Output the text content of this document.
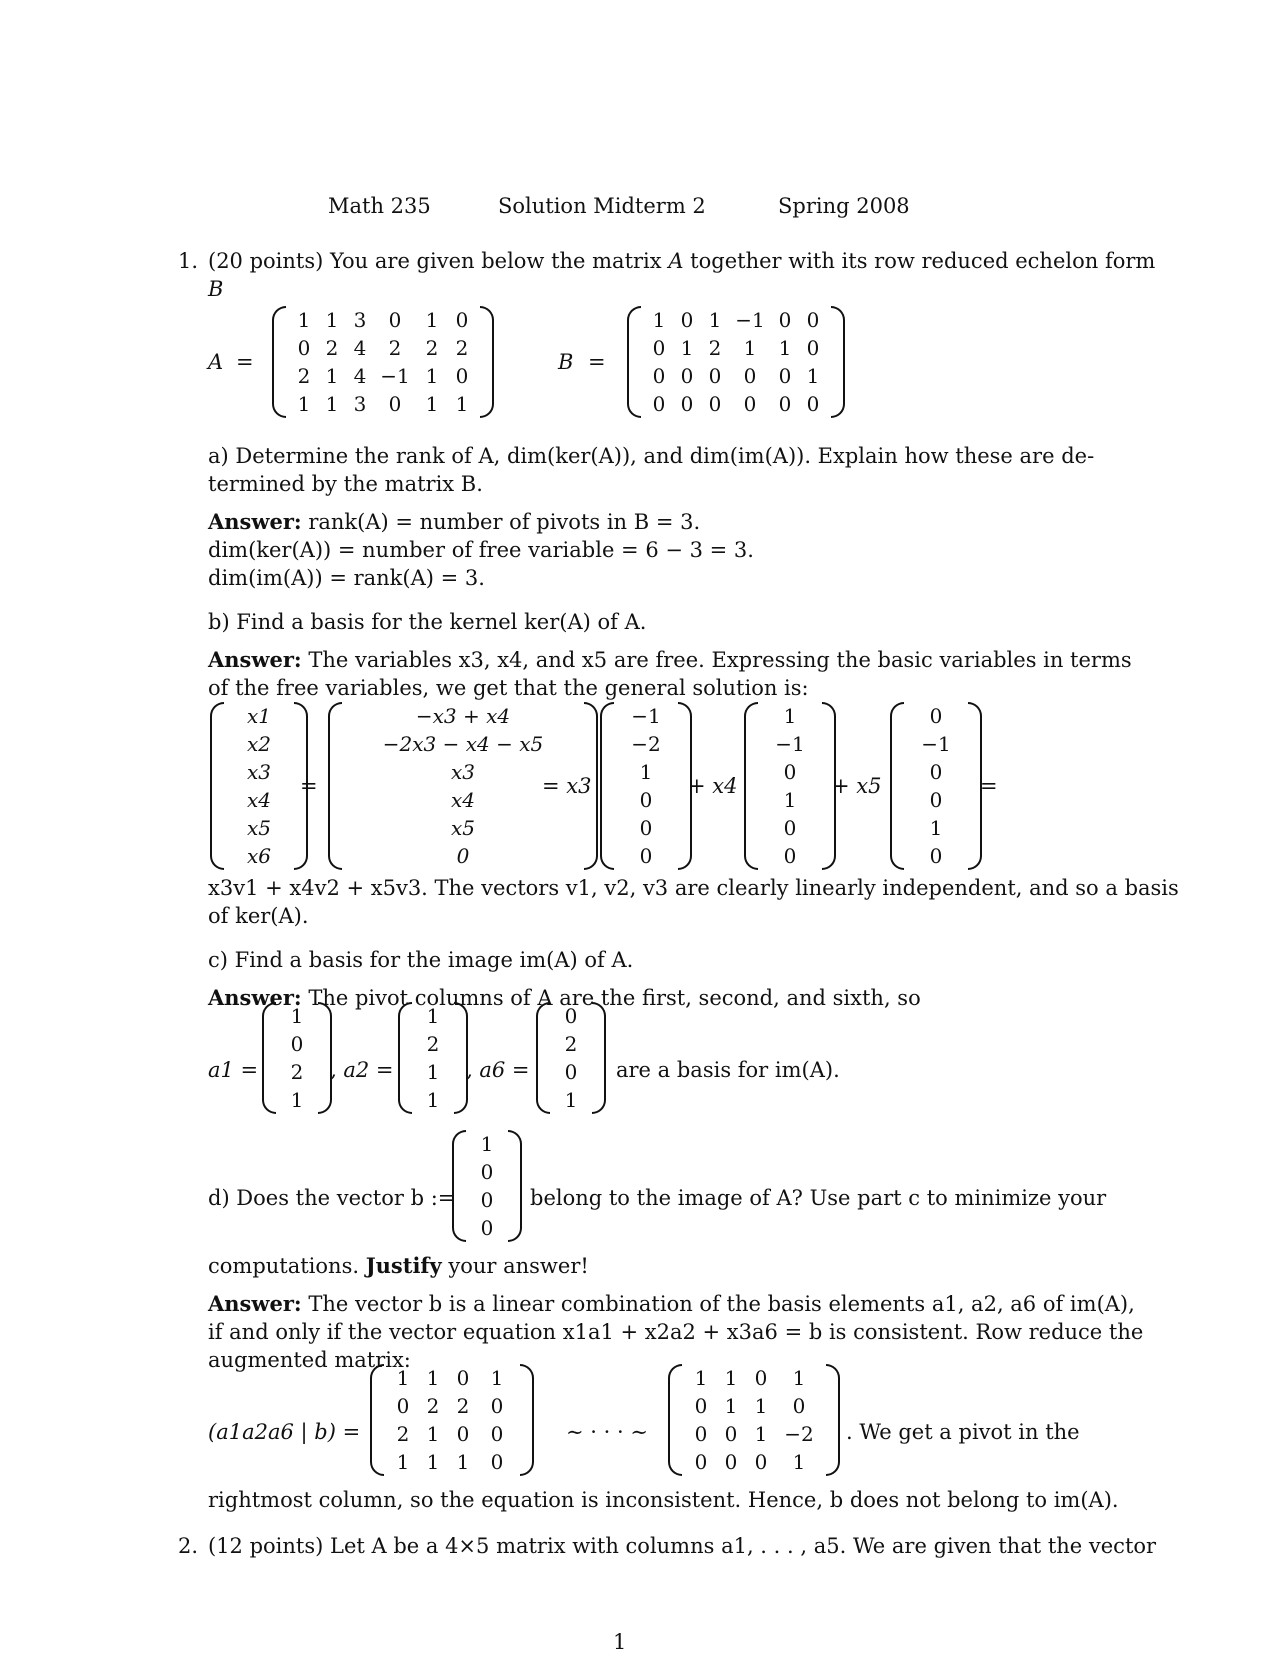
Math 235	Solution Midterm 2	Spring 2008
1. (20 points) You are given below the matrix A together with its row reduced echelon form
B
A =
1 1 3	0	1 0
0 2 4	2	2 2
2 1 4 −1 1 0
1 1 3	0	1 1
B =
1 0 1 −1 0 0
0 1 2	1	1 0
0 0 0	0	0 1
0 0 0	0	0 0
a) Determine the rank of A, dim(ker(A)), and dim(im(A)). Explain how these are de-
termined by the matrix B.
Answer: rank(A) = number of pivots in B = 3.
dim(ker(A)) = number of free variable = 6 − 3 = 3.
dim(im(A)) = rank(A) = 3.
b) Find a basis for the kernel ker(A) of A.
Answer: The variables x3, x4, and x5 are free. Expressing the basic variables in terms
of the free variables, we get that the general solution is:
x1
x2
x3
x4
x5
x6
=
−x3 + x4
−2x3 − x4 − x5
x3
x4
x5
0
= x3
−1
−2
1
0
0
0
+ x4
1
−1
0
1
0
0
+ x5
0
−1
0
0
1
0
=
x3v1 + x4v2 + x5v3. The vectors v1, v2, v3 are clearly linearly independent, and so a basis
of ker(A).
c) Find a basis for the image im(A) of A.
Answer: The pivot columns of A are the first, second, and sixth, so
a1 =
1
0
2
1
, a2 =
1
2
1
1
, a6 =
0
2
0
1
are a basis for im(A).
d) Does the vector b :=
1
0
0
0
belong to the image of A? Use part c to minimize your
computations. Justify your answer!
Answer: The vector b is a linear combination of the basis elements a1, a2, a6 of im(A),
if and only if the vector equation x1a1 + x2a2 + x3a6 = b is consistent. Row reduce the
augmented matrix:
(a1a2a6 | b) =
1 1 0	1
0 2 2	0
2 1 0	0
1 1 1	0
∼ · · · ∼
1 1 0	1
0 1 1	0
0 0 1 −2
0 0 0	1
. We get a pivot in the
rightmost column, so the equation is inconsistent. Hence, b does not belong to im(A).
2. (12 points) Let A be a 4×5 matrix with columns a1, . . . , a5. We are given that the vector
1
